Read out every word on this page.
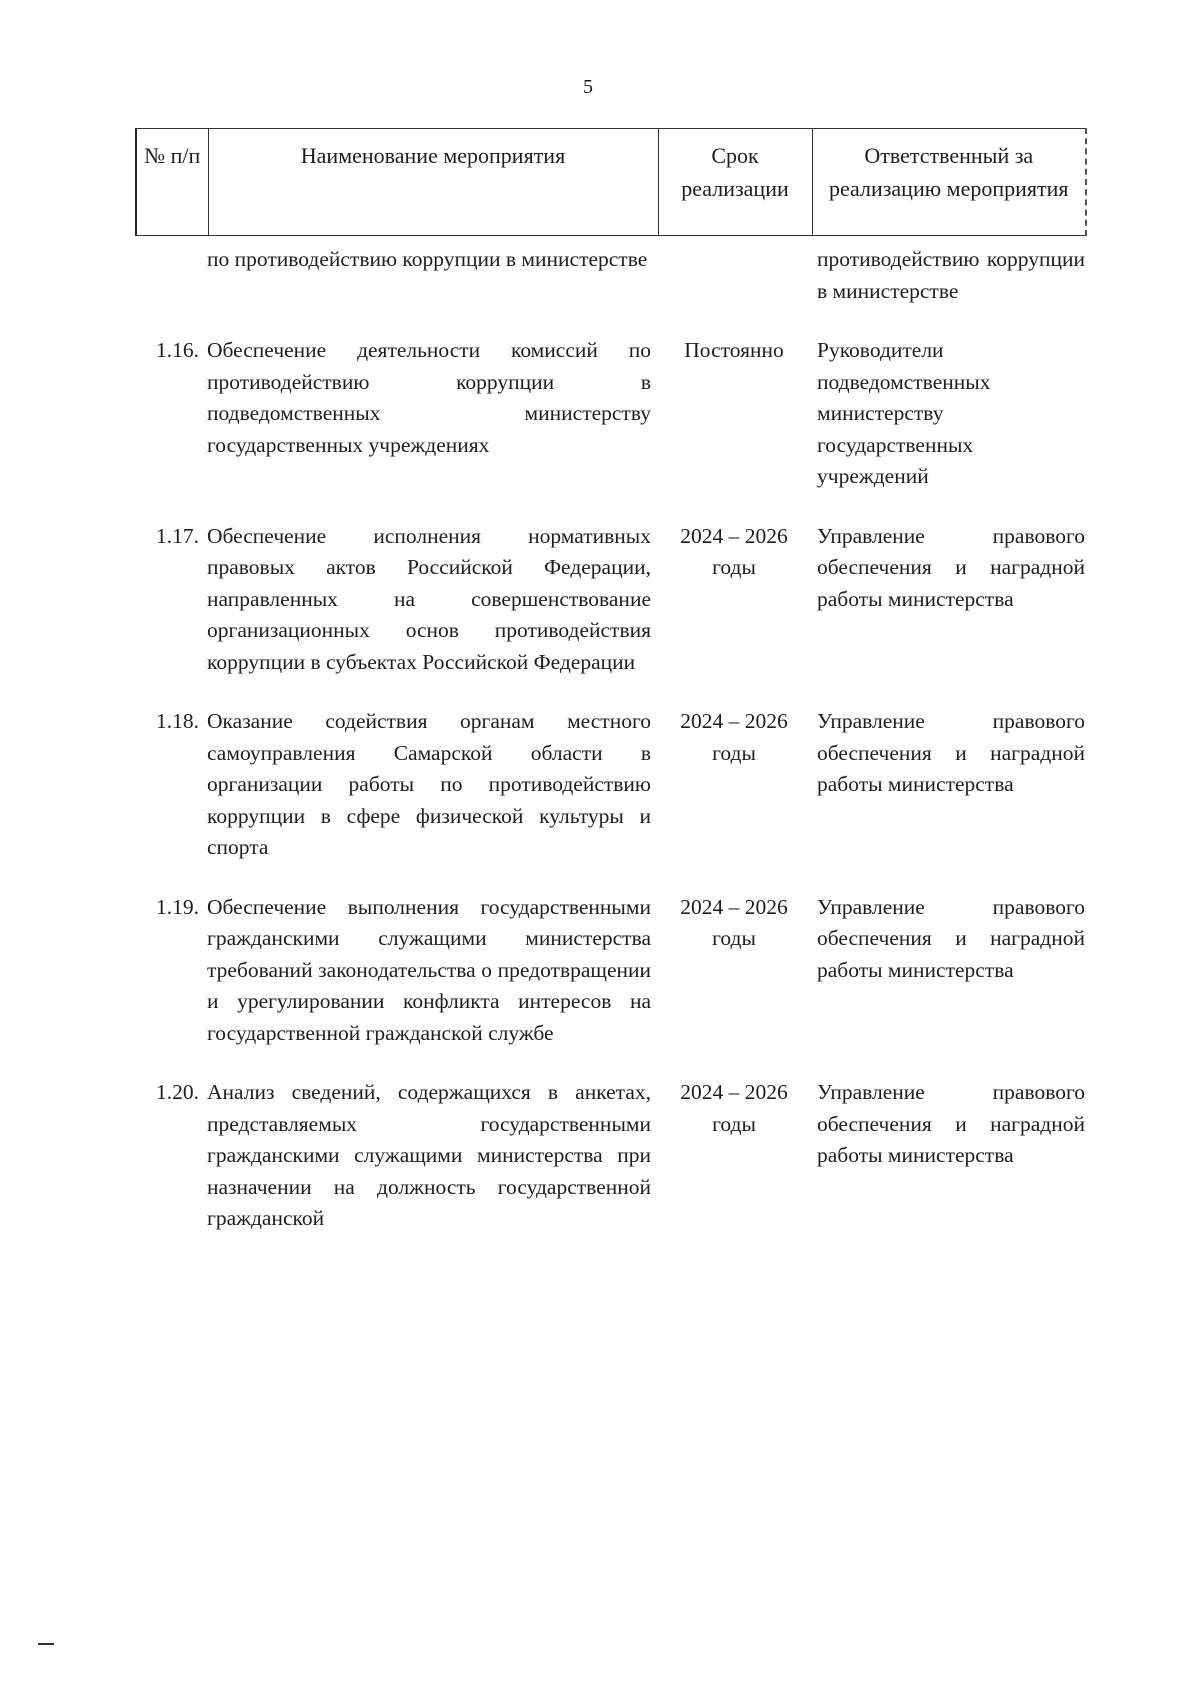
5
№ п/п	Наименование мероприятия	Срок реализации	Ответственный за реализацию мероприятия
	по противодействию коррупции в министерстве		противодействию коррупции в министерстве

1.16.	Обеспечение деятельности комиссий по противодействию коррупции в подведомственных министерству государственных учреждениях	Постоянно	Руководители подведомственных министерству государственных учреждений

1.17.	Обеспечение исполнения нормативных правовых актов Российской Федерации, направленных на совершенствование организационных основ противодействия коррупции в субъектах Российской Федерации	2024 – 2026 годы	Управление правового обеспечения и наградной работы министерства

1.18.	Оказание содействия органам местного самоуправления Самарской области в организации работы по противодействию коррупции в сфере физической культуры и спорта	2024 – 2026 годы	Управление правового обеспечения и наградной работы министерства

1.19.	Обеспечение выполнения государственными гражданскими служащими министерства требований законодательства о предотвращении и урегулировании конфликта интересов на государственной гражданской службе	2024 – 2026 годы	Управление правового обеспечения и наградной работы министерства

1.20.	Анализ сведений, содержащихся в анкетах, представляемых государственными гражданскими служащими министерства при назначении на должность государственной гражданской	2024 – 2026 годы	Управление правового обеспечения и наградной работы министерства
